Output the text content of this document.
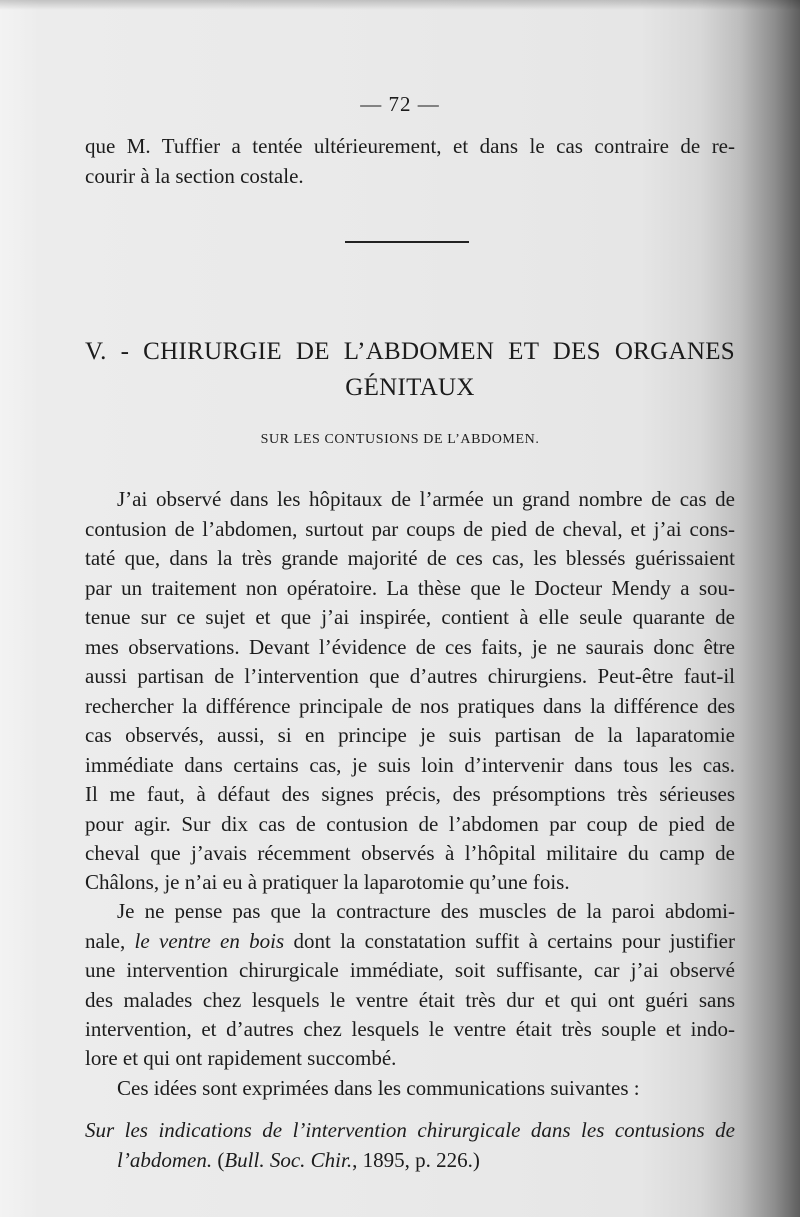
— 72 —
que M. Tuffier a tentée ultérieurement, et dans le cas contraire de re-
courir à la section costale.
V. - CHIRURGIE DE L’ABDOMEN ET DES ORGANES
GÉNITAUX
SUR LES CONTUSIONS DE L’ABDOMEN.
J’ai observé dans les hôpitaux de l’armée un grand nombre de cas de
contusion de l’abdomen, surtout par coups de pied de cheval, et j’ai cons-
taté que, dans la très grande majorité de ces cas, les blessés guérissaient
par un traitement non opératoire. La thèse que le Docteur Mendy a sou-
tenue sur ce sujet et que j’ai inspirée, contient à elle seule quarante de
mes observations. Devant l’évidence de ces faits, je ne saurais donc être
aussi partisan de l’intervention que d’autres chirurgiens. Peut-être faut-il
rechercher la différence principale de nos pratiques dans la différence des
cas observés, aussi, si en principe je suis partisan de la laparatomie
immédiate dans certains cas, je suis loin d’intervenir dans tous les cas.
Il me faut, à défaut des signes précis, des présomptions très sérieuses
pour agir. Sur dix cas de contusion de l’abdomen par coup de pied de
cheval que j’avais récemment observés à l’hôpital militaire du camp de
Châlons, je n’ai eu à pratiquer la laparotomie qu’une fois.
Je ne pense pas que la contracture des muscles de la paroi abdomi-
nale, le ventre en bois dont la constatation suffit à certains pour justifier
une intervention chirurgicale immédiate, soit suffisante, car j’ai observé
des malades chez lesquels le ventre était très dur et qui ont guéri sans
intervention, et d’autres chez lesquels le ventre était très souple et indo-
lore et qui ont rapidement succombé.
Ces idées sont exprimées dans les communications suivantes :
Sur les indications de l’intervention chirurgicale dans les contusions de
l’abdomen. (Bull. Soc. Chir., 1895, p. 226.)
